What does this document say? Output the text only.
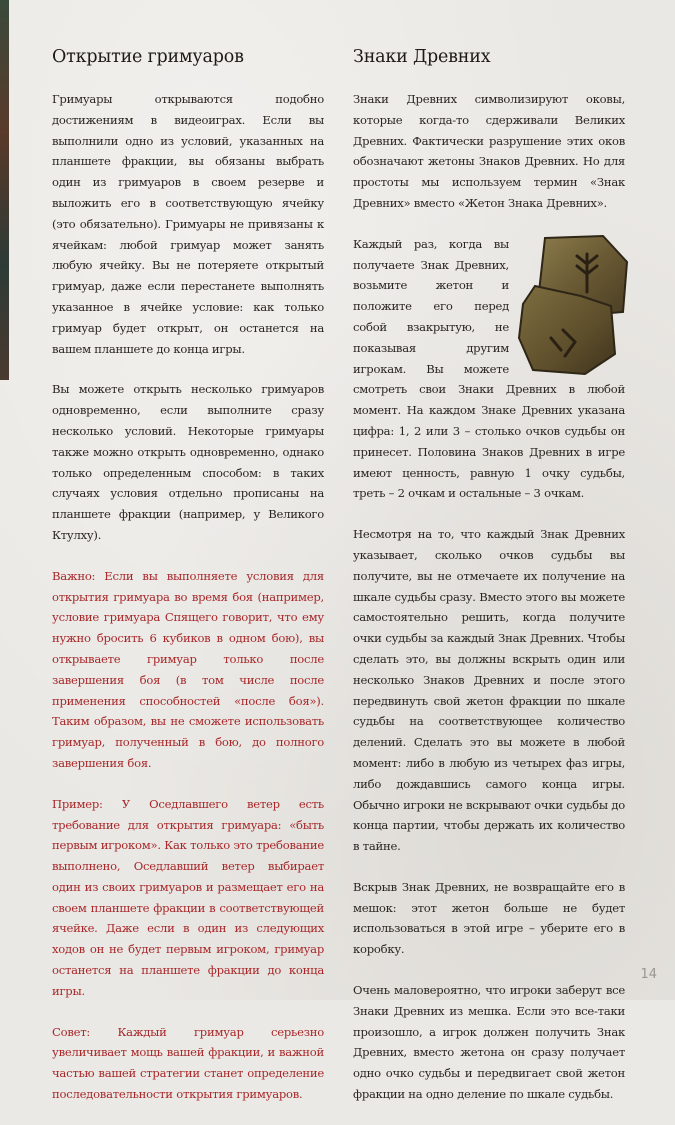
Открытие гримуаров

Гримуары открываются подобно достижениям в видеоиграх. Если вы выполнили одно из условий, указанных на планшете фракции, вы обязаны выбрать один из гримуаров в своем резерве и выложить его в соответствующую ячейку (это обязательно). Гримуары не привязаны к ячейкам: любой гримуар может занять любую ячейку. Вы не потеряете открытый гримуар, даже если перестанете выполнять указанное в ячейке условие: как только гримуар будет открыт, он останется на вашем планшете до конца игры.

Вы можете открыть несколько гримуаров одновременно, если выполните сразу несколько условий. Некоторые гримуары также можно открыть одновременно, однако только определенным способом: в таких случаях условия отдельно прописаны на планшете фракции (например, у Великого Ктулху).

Важно: Если вы выполняете условия для открытия гримуара во время боя (например, условие гримуара Спящего говорит, что ему нужно бросить 6 кубиков в одном бою), вы открываете гримуар только после завершения боя (в том числе после применения способностей «после боя»). Таким образом, вы не сможете использовать гримуар, полученный в бою, до полного завершения боя.

Пример: У Оседлавшего ветер есть требование для открытия гримуара: «быть первым игроком». Как только это требование выполнено, Оседлавший ветер выбирает один из своих гримуаров и размещает его на своем планшете фракции в соответствующей ячейке. Даже если в один из следующих ходов он не будет первым игроком, гримуар останется на планшете фракции до конца игры.

Совет: Каждый гримуар серьезно увеличивает мощь вашей фракции, и важной частью вашей стратегии станет определение последовательности открытия гримуаров.

Знаки Древних

Знаки Древних символизируют оковы, которые когда-то сдерживали Великих Древних. Фактически разрушение этих оков обозначают жетоны Знаков Древних. Но для простоты мы используем термин «Знак Древних» вместо «Жетон Знака Древних».

Каждый раз, когда вы получаете Знак Древних, возьмите жетон и положите его перед собой взакрытую, не показывая другим игрокам. Вы можете смотреть свои Знаки Древних в любой момент. На каждом Знаке Древних указана цифра: 1, 2 или 3 – столько очков судьбы он принесет. Половина Знаков Древних в игре имеют ценность, равную 1 очку судьбы, треть – 2 очкам и остальные – 3 очкам.

Несмотря на то, что каждый Знак Древних указывает, сколько очков судьбы вы получите, вы не отмечаете их получение на шкале судьбы сразу. Вместо этого вы можете самостоятельно решить, когда получите очки судьбы за каждый Знак Древних. Чтобы сделать это, вы должны вскрыть один или несколько Знаков Древних и после этого передвинуть свой жетон фракции по шкале судьбы на соответствующее количество делений. Сделать это вы можете в любой момент: либо в любую из четырех фаз игры, либо дождавшись самого конца игры. Обычно игроки не вскрывают очки судьбы до конца партии, чтобы держать их количество в тайне.

Вскрыв Знак Древних, не возвращайте его в мешок: этот жетон больше не будет использоваться в этой игре – уберите его в коробку.

Очень маловероятно, что игроки заберут все Знаки Древних из мешка. Если это все-таки произошло, а игрок должен получить Знак Древних, вместо жетона он сразу получает одно очко судьбы и передвигает свой жетон фракции на одно деление по шкале судьбы.

14
